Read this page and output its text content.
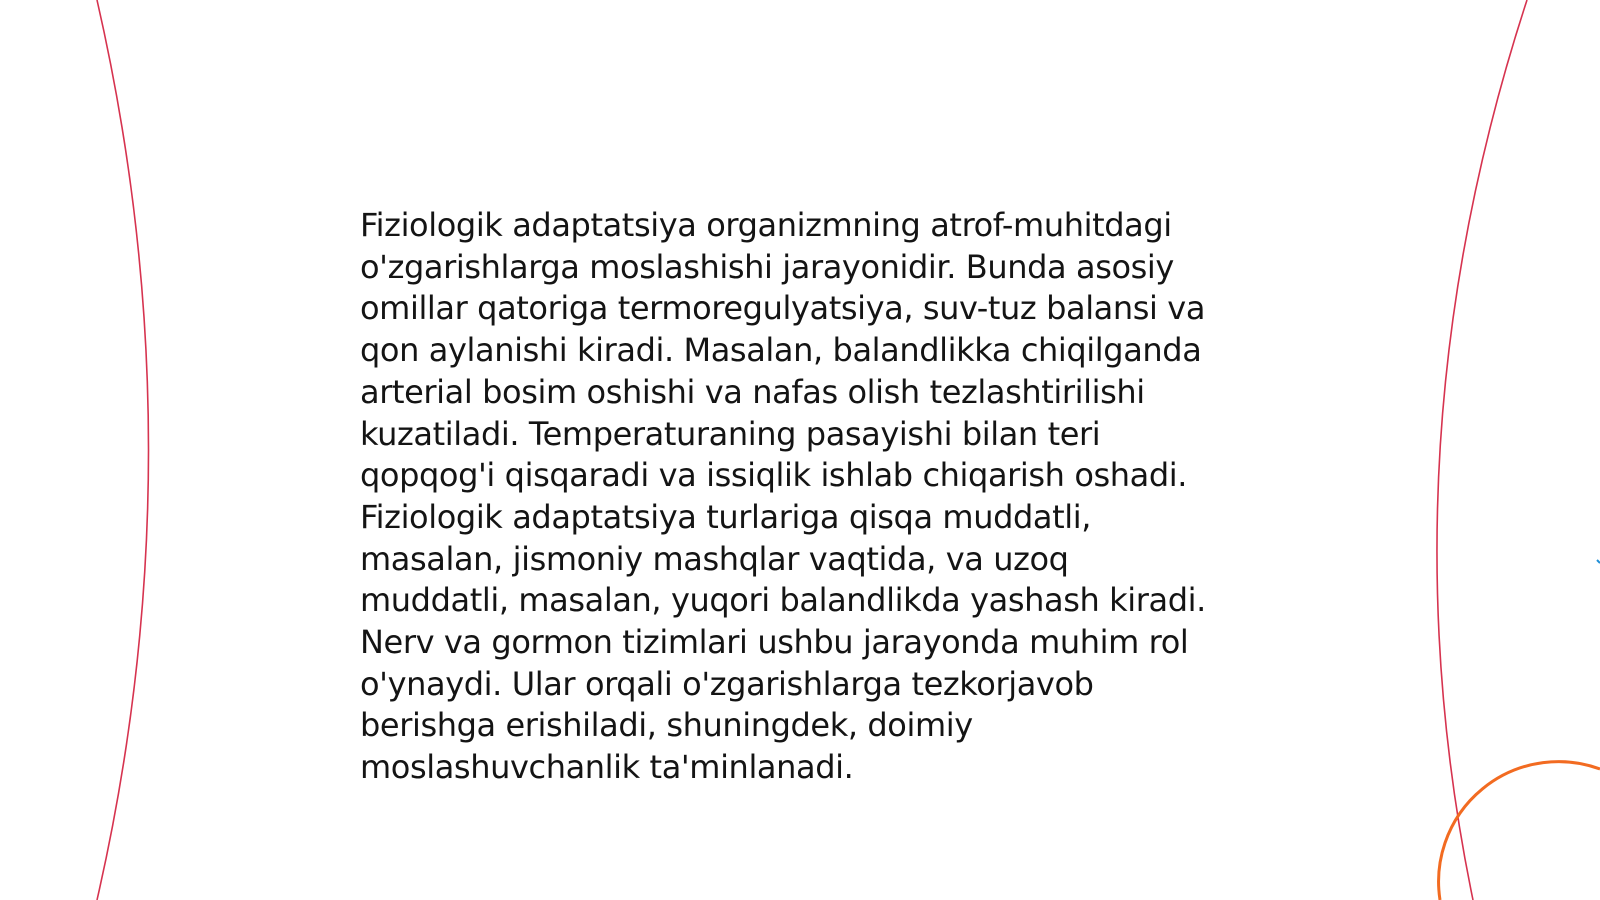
Fiziologik adaptatsiya organizmning atrof-muhitdagi
o'zgarishlarga moslashishi jarayonidir. Bunda asosiy
omillar qatoriga termoregulyatsiya, suv-tuz balansi va
qon aylanishi kiradi. Masalan, balandlikka chiqilganda
arterial bosim oshishi va nafas olish tezlashtirilishi
kuzatiladi. Temperaturaning pasayishi bilan teri
qopqog'i qisqaradi va issiqlik ishlab chiqarish oshadi.
Fiziologik adaptatsiya turlariga qisqa muddatli,
masalan, jismoniy mashqlar vaqtida, va uzoq
muddatli, masalan, yuqori balandlikda yashash kiradi.
Nerv va gormon tizimlari ushbu jarayonda muhim rol
o'ynaydi. Ular orqali o'zgarishlarga tezkorjavob
berishga erishiladi, shuningdek, doimiy
moslashuvchanlik ta'minlanadi.
